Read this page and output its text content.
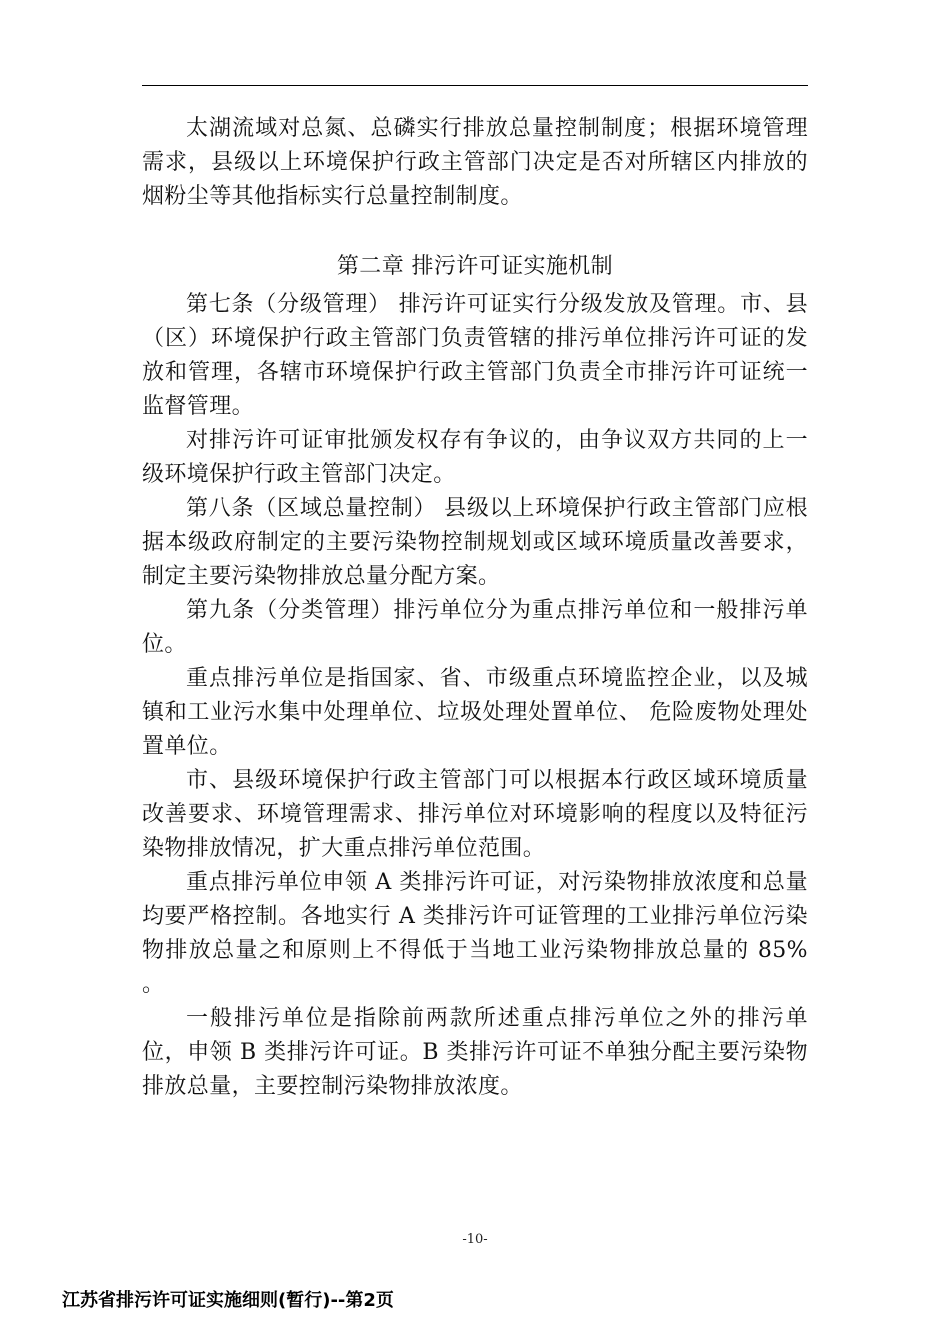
太湖流域对总氮、总磷实行排放总量控制制度；根据环境管理需求，县级以上环境保护行政主管部门决定是否对所辖区内排放的烟粉尘等其他指标实行总量控制制度。

第二章 排污许可证实施机制

第七条（分级管理） 排污许可证实行分级发放及管理。市、县（区）环境保护行政主管部门负责管辖的排污单位排污许可证的发放和管理，各辖市环境保护行政主管部门负责全市排污许可证统一监督管理。

对排污许可证审批颁发权存有争议的，由争议双方共同的上一级环境保护行政主管部门决定。

第八条（区域总量控制） 县级以上环境保护行政主管部门应根据本级政府制定的主要污染物控制规划或区域环境质量改善要求，制定主要污染物排放总量分配方案。

第九条（分类管理）排污单位分为重点排污单位和一般排污单位。

重点排污单位是指国家、省、市级重点环境监控企业，以及城镇和工业污水集中处理单位、垃圾处理处置单位、 危险废物处理处置单位。

市、县级环境保护行政主管部门可以根据本行政区域环境质量改善要求、环境管理需求、排污单位对环境影响的程度以及特征污染物排放情况，扩大重点排污单位范围。

重点排污单位申领 A 类排污许可证，对污染物排放浓度和总量均要严格控制。各地实行 A 类排污许可证管理的工业排污单位污染物排放总量之和原则上不得低于当地工业污染物排放总量的 85% 。

一般排污单位是指除前两款所述重点排污单位之外的排污单位，申领 B 类排污许可证。B 类排污许可证不单独分配主要污染物排放总量，主要控制污染物排放浓度。

-10-
江苏省排污许可证实施细则(暂行)--第2页
